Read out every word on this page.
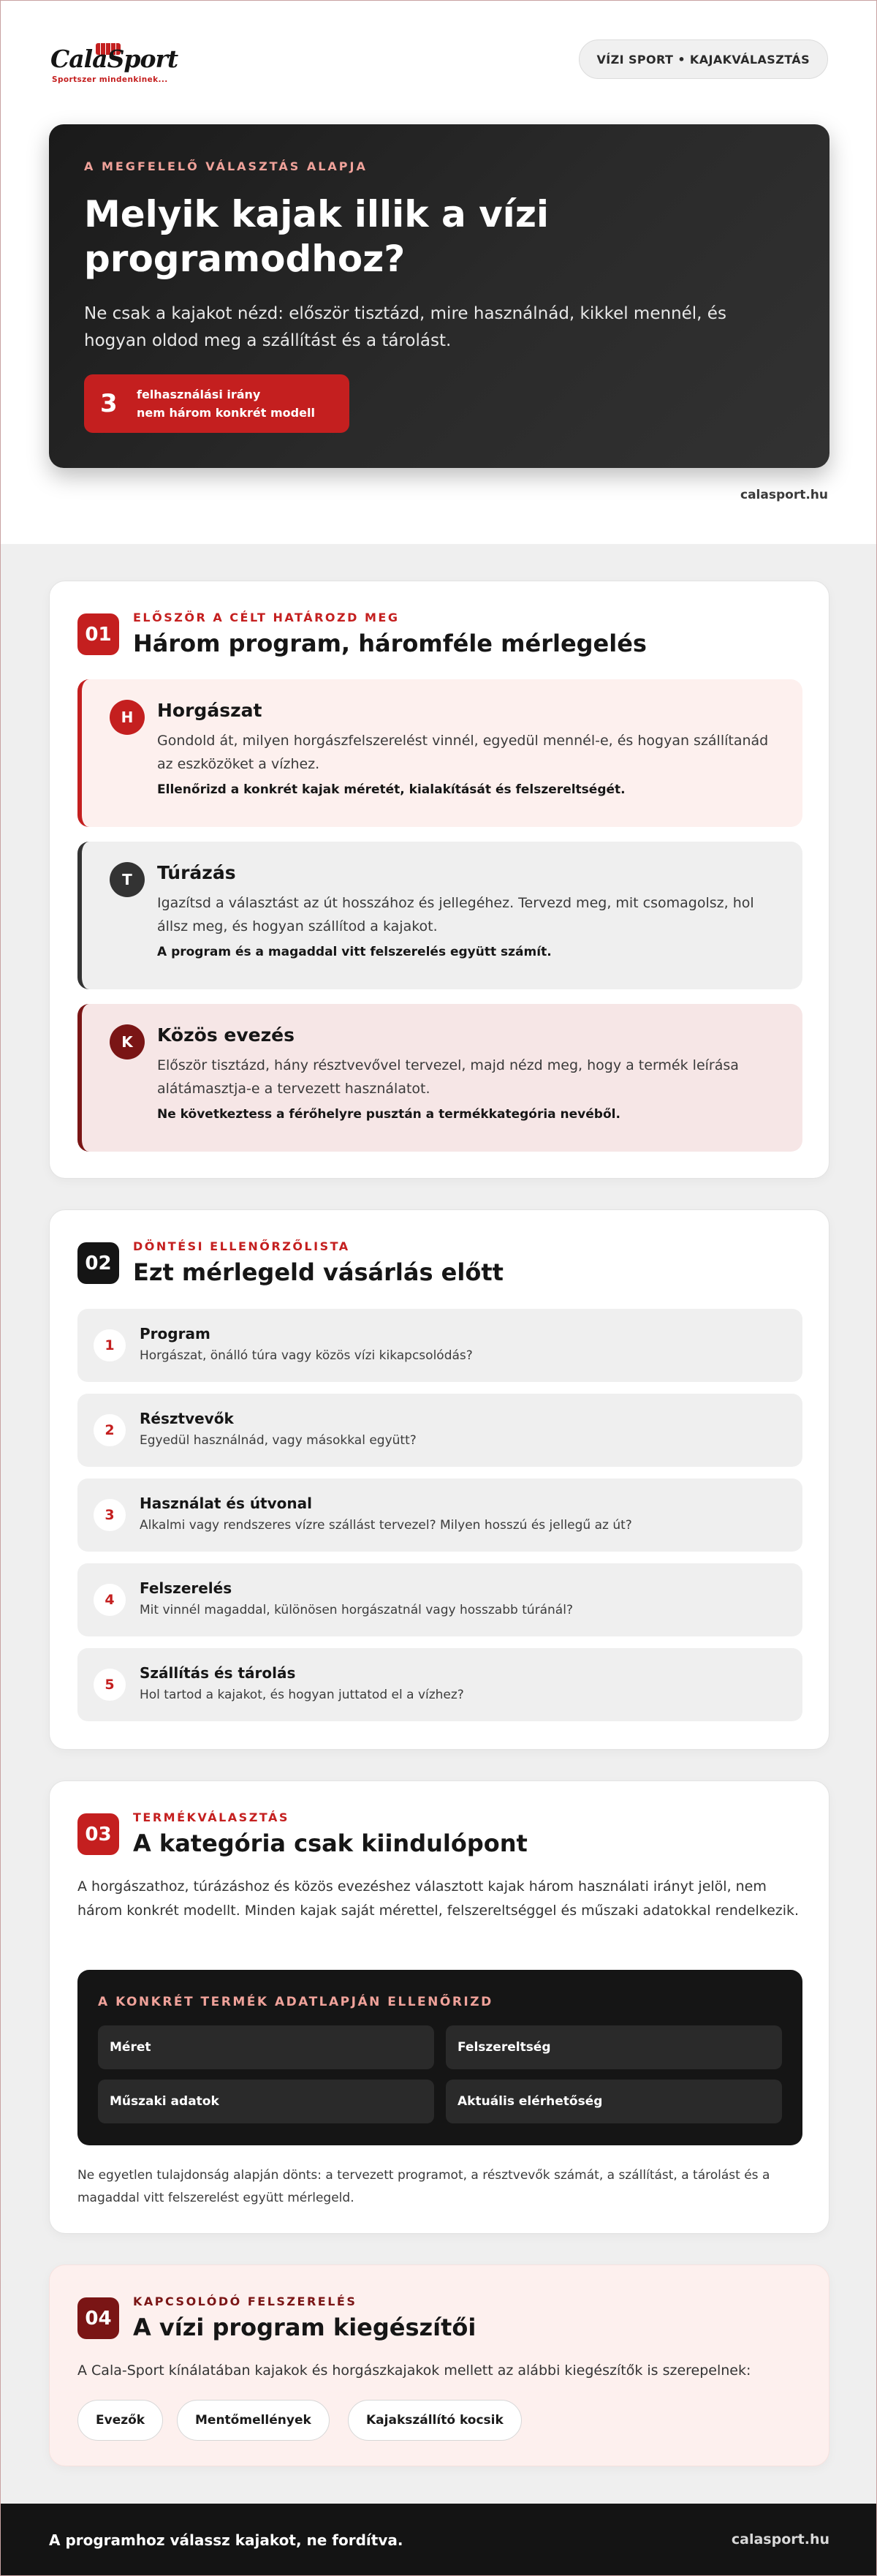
CalaSport
Sportszer mindenkinek...
VÍZI SPORT • KAJAKVÁLASZTÁS
A MEGFELELŐ VÁLASZTÁS ALAPJA
Melyik kajak illik a vízi programodhoz?
Ne csak a kajakot nézd: először tisztázd, mire használnád, kikkel mennél, és hogyan oldod meg a szállítást és a tárolást.
3	felhasználási irány
nem három konkrét modell
calasport.hu
01
ELŐSZÖR A CÉLT HATÁROZD MEG
Három program, háromféle mérlegelés
H	Horgászat
Gondold át, milyen horgászfelszerelést vinnél, egyedül mennél-e, és hogyan szállítanád az eszközöket a vízhez.
Ellenőrizd a konkrét kajak méretét, kialakítását és felszereltségét.
T	Túrázás
Igazítsd a választást az út hosszához és jellegéhez. Tervezd meg, mit csomagolsz, hol állsz meg, és hogyan szállítod a kajakot.
A program és a magaddal vitt felszerelés együtt számít.
K	Közös evezés
Először tisztázd, hány résztvevővel tervezel, majd nézd meg, hogy a termék leírása alátámasztja-e a tervezett használatot.
Ne következtess a férőhelyre pusztán a termékkategória nevéből.
02
DÖNTÉSI ELLENŐRZŐLISTA
Ezt mérlegeld vásárlás előtt
1
Program
Horgászat, önálló túra vagy közös vízi kikapcsolódás?
2
Résztvevők
Egyedül használnád, vagy másokkal együtt?
3
Használat és útvonal
Alkalmi vagy rendszeres vízre szállást tervezel? Milyen hosszú és jellegű az út?
4
Felszerelés
Mit vinnél magaddal, különösen horgászatnál vagy hosszabb túránál?
5
Szállítás és tárolás
Hol tartod a kajakot, és hogyan juttatod el a vízhez?
03
TERMÉKVÁLASZTÁS
A kategória csak kiindulópont
A horgászathoz, túrázáshoz és közös evezéshez választott kajak három használati irányt jelöl, nem három konkrét modellt. Minden kajak saját mérettel, felszereltséggel és műszaki adatokkal rendelkezik.
A KONKRÉT TERMÉK ADATLAPJÁN ELLENŐRIZD
Méret	Felszereltség
Műszaki adatok	Aktuális elérhetőség
Ne egyetlen tulajdonság alapján dönts: a tervezett programot, a résztvevők számát, a szállítást, a tárolást és a magaddal vitt felszerelést együtt mérlegeld.
04
KAPCSOLÓDÓ FELSZERELÉS
A vízi program kiegészítői
A Cala-Sport kínálatában kajakok és horgászkajakok mellett az alábbi kiegészítők is szerepelnek:
Evezők	Mentőmellények	Kajakszállító kocsik
A programhoz válassz kajakot, ne fordítva.	calasport.hu
